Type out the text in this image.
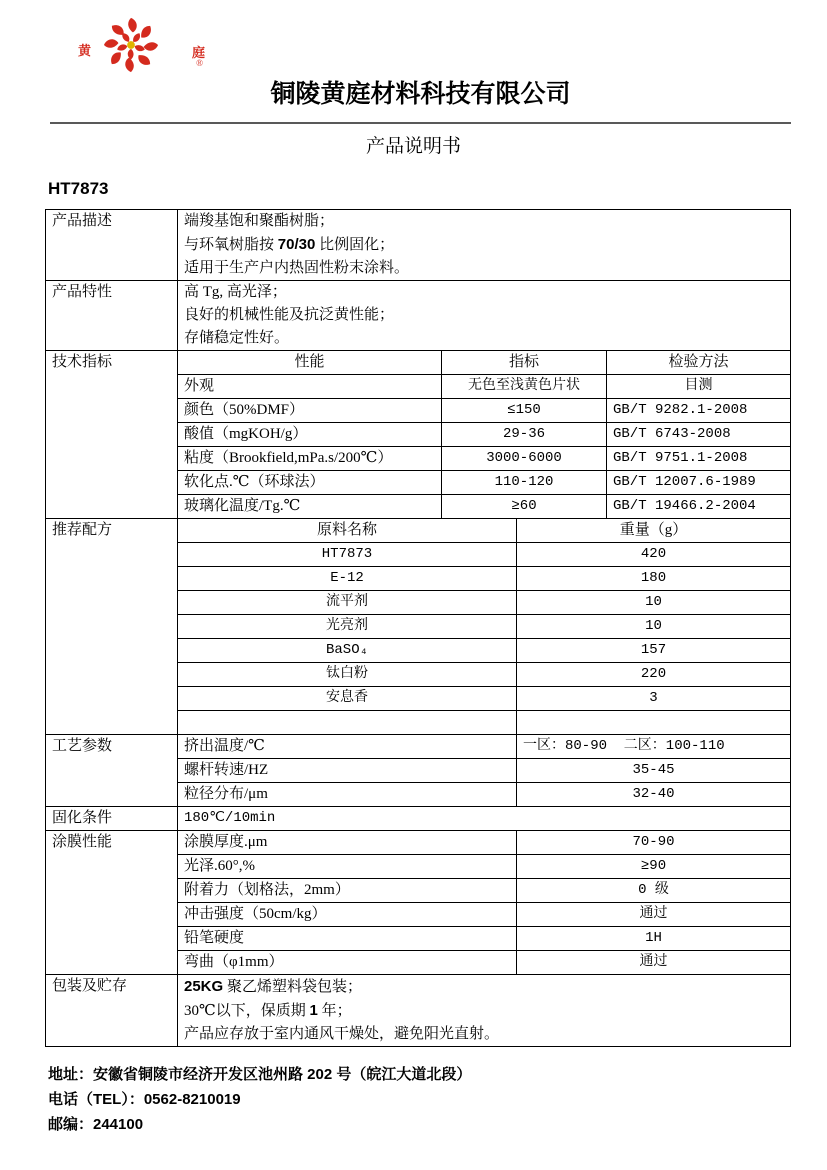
黄	庭
®
铜陵黄庭材料科技有限公司
产品说明书
HT7873
产品描述	端羧基饱和聚酯树脂；
与环氧树脂按 70/30 比例固化；
适用于生产户内热固性粉末涂料。
产品特性	高 Tg, 高光泽；
良好的机械性能及抗泛黄性能；
存储稳定性好。
技术指标	性能	指标	检验方法
外观	无色至浅黄色片状	目测
颜色（50%DMF）	≤150	GB/T 9282.1-2008
酸值（mgKOH/g）	29-36	GB/T 6743-2008
粘度（Brookfield,mPa.s/200℃）	3000-6000	GB/T 9751.1-2008
软化点.℃（环球法）	110-120	GB/T 12007.6-1989
玻璃化温度/Tg.℃	≥60	GB/T 19466.2-2004
推荐配方	原料名称	重量（g）
HT7873	420
E-12	180
流平剂	10
光亮剂	10
BaSO₄	157
钛白粉	220
安息香	3
工艺参数	挤出温度/℃	一区：80-90  二区：100-110
螺杆转速/HZ	35-45
粒径分布/μm	32-40
固化条件	180℃/10min
涂膜性能	涂膜厚度.μm	70-90
光泽.60°,%	≥90
附着力（划格法，2mm）	0 级
冲击强度（50cm/kg）	通过
铅笔硬度	1H
弯曲（φ1mm）	通过
包装及贮存	25KG 聚乙烯塑料袋包装；
30℃以下，保质期 1 年；
产品应存放于室内通风干燥处，避免阳光直射。
地址：安徽省铜陵市经济开发区池州路 202 号（皖江大道北段）
电话（TEL）：0562-8210019
邮编：244100
